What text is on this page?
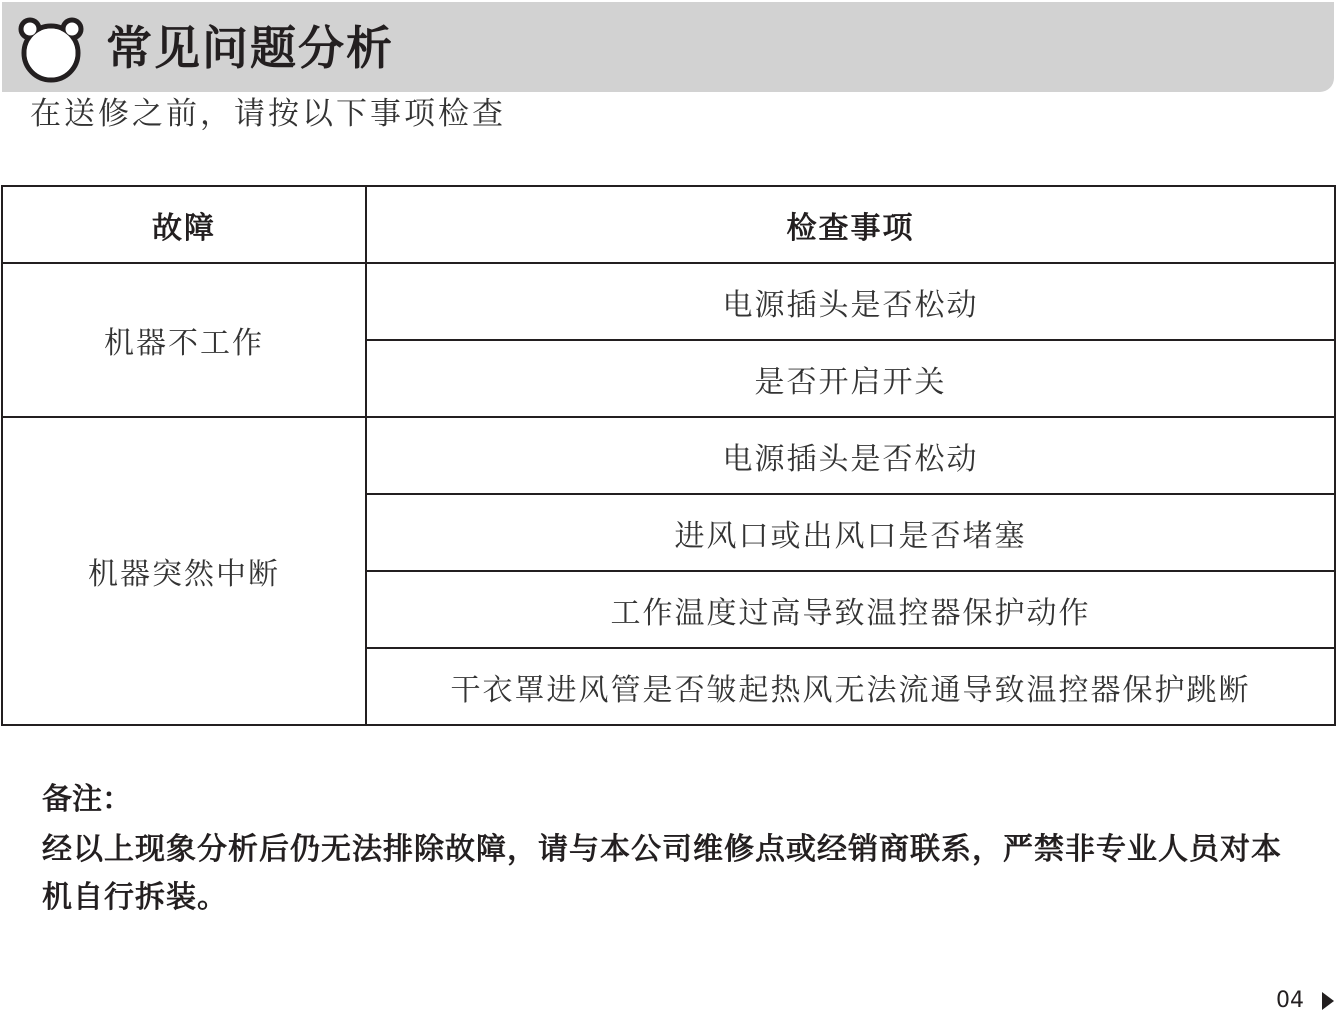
常见问题分析

在送修之前，请按以下事项检查

故障	检查事项
机器不工作	电源插头是否松动
	是否开启开关
机器突然中断	电源插头是否松动
	进风口或出风口是否堵塞
	工作温度过高导致温控器保护动作
	干衣罩进风管是否皱起热风无法流通导致温控器保护跳断

备注：

经以上现象分析后仍无法排除故障，请与本公司维修点或经销商联系，严禁非专业人员对本机自行拆装。

04
